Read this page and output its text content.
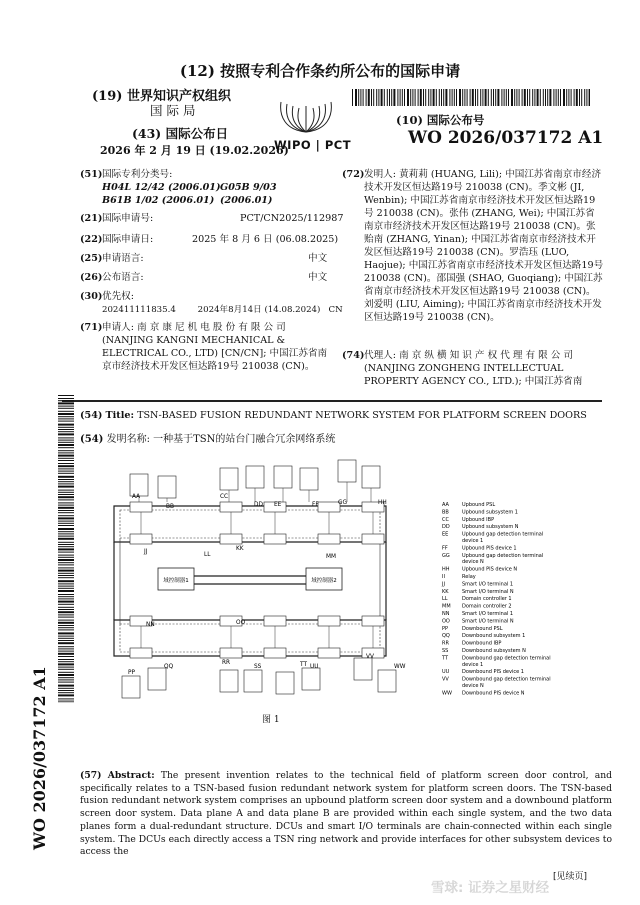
(12) 按照专利合作条约所公布的国际申请
(19) 世界知识产权组织
国际局
(43) 国际公布日
2026 年 2 月 19 日 (19.02.2026)
WIPO | PCT
(10) 国际公布号
WO 2026/037172 A1
(51) 国际专利分类号:
H04L 12/42 (2006.01) G05B 9/03 (2006.01)
B61B 1/02 (2006.01)
(21) 国际申请号:	PCT/CN2025/112987
(22) 国际申请日:	2025 年 8 月 6 日 (06.08.2025)
(25) 申请语言:	中文
(26) 公布语言:	中文
(30) 优先权:
202411111835.4        2024年8月14日 (14.08.2024)   CN
(71) 申请人: 南 京 康 尼 机 电 股 份 有 限 公 司 (NANJING KANGNI MECHANICAL & ELECTRICAL CO., LTD) [CN/CN]; 中国江苏省南京市经济技术开发区恒达路19号 210038 (CN)。
(72) 发明人: 黄莉莉 (HUANG, Lili); 中国江苏省南京市经济技术开发区恒达路19号 210038 (CN)。季文彬 (JI, Wenbin); 中国江苏省南京市经济技术开发区恒达路19号 210038 (CN)。张伟 (ZHANG, Wei); 中国江苏省南京市经济技术开发区恒达路19号 210038 (CN)。张贻南 (ZHANG, Yinan); 中国江苏省南京市经济技术开发区恒达路19号 210038 (CN)。罗浩珏 (LUO, Haojue); 中国江苏省南京市经济技术开发区恒达路19号 210038 (CN)。邵国强 (SHAO, Guoqiang); 中国江苏省南京市经济技术开发区恒达路19号 210038 (CN)。刘爱明 (LIU, Aiming); 中国江苏省南京市经济技术开发区恒达路19号 210038 (CN)。
(74) 代理人: 南 京 纵 横 知 识 产 权 代 理 有 限 公 司 (NANJING ZONGHENG INTELLECTUAL PROPERTY AGENCY CO., LTD.); 中国江苏省南
WO 2026/037172 A1
(54) Title: TSN-BASED FUSION REDUNDANT NETWORK SYSTEM FOR PLATFORM SCREEN DOORS
(54) 发明名称: 一种基于TSN的站台门融合冗余网络系统
域控制器1	域控制器2
AA
BB
CC
DD EE	FF	GG	HH
JJ	KK
LL	MM
NN	OO
PP
QQ
RR
SS	TT UU
VV
WW
AA	Upbound PSL
BB	Upbound subsystem 1
CC	Upbound IBP
DD Upbound subsystem N
EE	Upbound gap detection terminal
device 1
FF	Upbound PIS device 1
GG Upbound gap detection terminal
device N
HH Upbound PIS device N
II	Relay
JJ	Smart I/O terminal 1
KK	Smart I/O terminal N
LL	Domain controller 1
MM Domain controller 2
NN	Smart I/O terminal 1
OO Smart I/O terminal N
PP	Downbound PSL
QQ Downbound subsystem 1
RR	Downbound IBP
SS	Downbound subsystem N
TT	Downbound gap detection terminal
device 1
UU	Downbound PIS device 1
VV	Downbound gap detection terminal
device N
WW Downbound PIS device N
图 1
(57) Abstract: The present invention relates to the technical field of platform screen door control, and specifically relates to a TSN-based fusion redundant network system for platform screen doors. The TSN-based fusion redundant network system comprises an upbound platform screen door system and a downbound platform screen door system. Data plane A and data plane B are provided within each single system, and the two data planes form a dual-redundant structure. DCUs and smart I/O terminals are chain-connected within each single system. The DCUs each directly access a TSN ring network and provide interfaces for other subsystem devices to access the
[见续页]
雪球: 证券之星财经
